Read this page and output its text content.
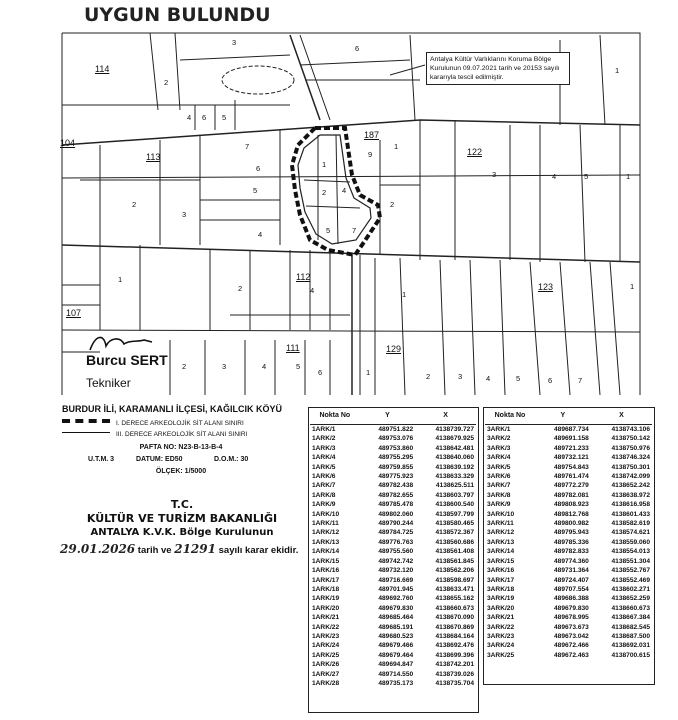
UYGUN BULUNDU
114
113
112
111
107
104
187
122
123
129
3
6
2
1
6
4	5
7
6
5
2
3
4
1
9
2
3	4	5	1
1
2	4	1
1
2	3	4	5
6	1	2	3	4	5	6	7
1
2 4
5	7
Antalya Kültür Varlıklarını Koruma Bölge Kurulunun 09.07.2021 tarih ve 20153 sayılı kararıyla tescil edilmiştir.
Burcu SERT
Tekniker
BURDUR İLİ, KARAMANLI İLÇESİ, KAĞILCIK KÖYÜ
I. DERECE ARKEOLOJİK SİT ALANI SINIRI
III. DERECE ARKEOLOJİK SİT ALANI SINIRI
PAFTA NO: N23-B-13-B-4
U.T.M. 3	DATUM: ED50	D.O.M.: 30
ÖLÇEK: 1/5000
T.C.
KÜLTÜR VE TURİZM BAKANLIĞI
ANTALYA K.V.K. Bölge Kurulunun
29.01.2026 tarih ve 21291 sayılı karar ekidir.
Nokta No	Y	X
1ARK/1	489751.822	4138739.727
1ARK/2	489753.076	4138679.925
1ARK/3	489753.860	4138642.481
1ARK/4	489755.295	4138640.060
1ARK/5	489759.855	4138639.192
1ARK/6	489775.923	4138633.329
1ARK/7	489782.438	4138625.511
1ARK/8	489782.655	4138603.797
1ARK/9	489785.478	4138600.540
1ARK/10	489802.060	4138597.799
1ARK/11	489790.244	4138580.465
1ARK/12	489784.725	4138572.367
1ARK/13	489776.763	4138560.686
1ARK/14	489755.560	4138561.408
1ARK/15	489742.742	4138561.845
1ARK/16	489732.120	4138562.206
1ARK/17	489716.669	4138598.697
1ARK/18	489701.945	4138633.471
1ARK/19	489692.760	4138655.162
1ARK/20	489679.830	4138660.673
1ARK/21	489685.464	4138670.090
1ARK/22	489685.191	4138670.869
1ARK/23	489680.523	4138684.164
1ARK/24	489679.466	4138692.476
1ARK/25	489679.464	4138699.396
1ARK/26	489694.847	4138742.201
1ARK/27	489714.550	4138739.026
1ARK/28	489735.173	4138735.704
Nokta No	Y	X
3ARK/1	489687.734	4138743.106
3ARK/2	489691.158	4138750.142
3ARK/3	489721.233	4138750.976
3ARK/4	489732.121	4138746.324
3ARK/5	489754.843	4138750.301
3ARK/6	489761.474	4138742.099
3ARK/7	489772.279	4138652.242
3ARK/8	489782.081	4138638.972
3ARK/9	489808.923	4138616.958
3ARK/10	489812.768	4138601.433
3ARK/11	489800.982	4138582.619
3ARK/12	489795.943	4138574.621
3ARK/13	489785.336	4138559.060
3ARK/14	489782.833	4138554.013
3ARK/15	489774.360	4138551.304
3ARK/16	489731.364	4138552.767
3ARK/17	489724.407	4138552.469
3ARK/18	489707.554	4138602.271
3ARK/19	489686.388	4138652.259
3ARK/20	489679.830	4138660.673
3ARK/21	489678.995	4138667.384
3ARK/22	489673.673	4138682.545
3ARK/23	489673.042	4138687.500
3ARK/24	489672.466	4138692.031
3ARK/25	489672.463	4138700.615
